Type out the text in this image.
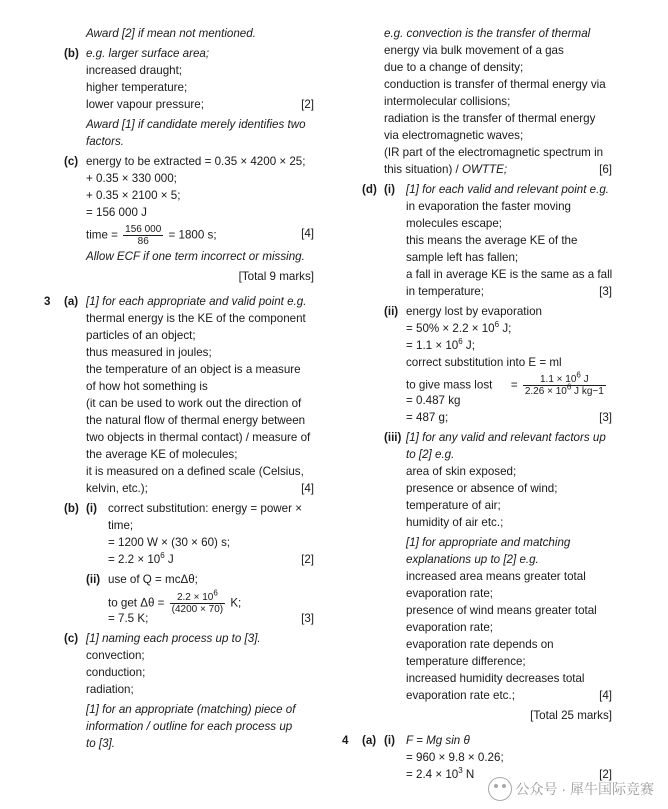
Award [2] if mean not mentioned.
(b) e.g. larger surface area;
increased draught;
higher temperature;
lower vapour pressure;	[2]
Award [1] if candidate merely identifies two
factors.
(c) energy to be extracted = 0.35 × 4200 × 25;
+ 0.35 × 330 000;
+ 0.35 × 2100 × 5;
= 156 000 J
time = $\frac{156 000}{86} = 1800$ s;	[4]
Allow ECF if one term incorrect or missing.
[Total 9 marks]
3 (a) [1] for each appropriate and valid point e.g.
thermal energy is the KE of the component
particles of an object;
thus measured in joules;
the temperature of an object is a measure
of how hot something is
(it can be used to work out the direction of
the natural flow of thermal energy between
two objects in thermal contact) / measure of
the average KE of molecules;
it is measured on a defined scale (Celsius,
kelvin, etc.);	[4]
(b) (i) correct substitution: energy = power ×
time;
= 1200 W × (30 × 60) s;
= $2.2 \times 10^6$ J	[2]
(ii) use of Q = mcΔθ;
to get $\Delta\theta = \frac{2.2 \times 10^6}{(4200 \times 70)} K$;
= 7.5 K;	[3]
(c) [1] naming each process up to [3].
convection;
conduction;
radiation;
[1] for an appropriate (matching) piece of
information / outline for each process up
to [3].
e.g. convection is the transfer of thermal
energy via bulk movement of a gas
due to a change of density;
conduction is transfer of thermal energy via
intermolecular collisions;
radiation is the transfer of thermal energy
via electromagnetic waves;
(IR part of the electromagnetic spectrum in
this situation) / OWTTE;	[6]
(d) (i) [1] for each valid and relevant point e.g.
in evaporation the faster moving
molecules escape;
this means the average KE of the
sample left has fallen;
a fall in average KE is the same as a fall
in temperature;	[3]
(ii) energy lost by evaporation
= $50\% \times 2.2 \times 10^6$ J;
= $1.1 \times 10^6$ J;
correct substitution into E = ml
to give mass lost = $\frac{1.1 \times 10^6 J}{2.26 \times 10^6 J kg-1}$
= 0.487 kg
= 487 g;	[3]
(iii) [1] for any valid and relevant factors up
to [2] e.g.
area of skin exposed;
presence or absence of wind;
temperature of air;
humidity of air etc.;
[1] for appropriate and matching
explanations up to [2] e.g.
increased area means greater total
evaporation rate;
presence of wind means greater total
evaporation rate;
evaporation rate depends on
temperature difference;
increased humidity decreases total
evaporation rate etc.;	[4]
[Total 25 marks]
4 (a) (i) F = Mg sin θ
= 960 × 9.8 × 0.26;
= $2.4 \times 10^3$ N	[2]
公众号 · 犀牛国际竞赛
